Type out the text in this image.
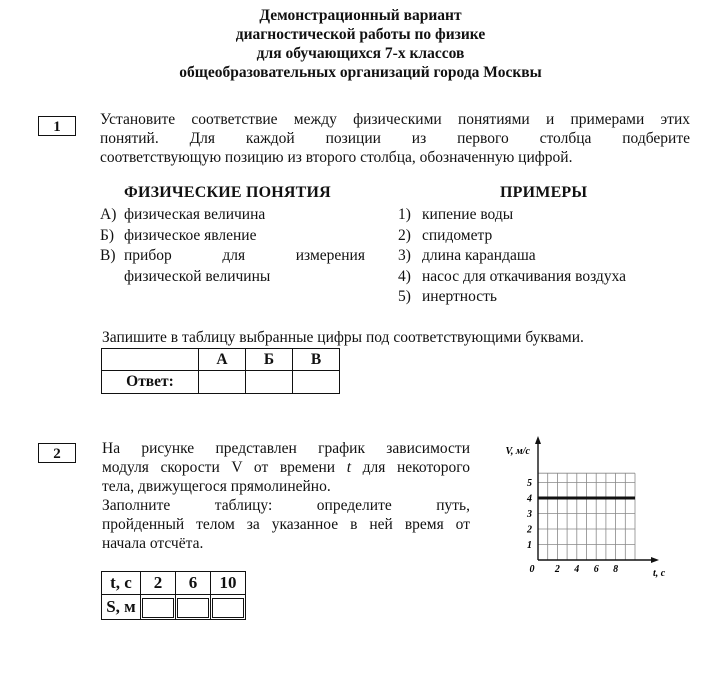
Демонстрационный вариант
диагностической работы по физике
для обучающихся 7-х классов
общеобразовательных организаций города Москвы
1	Установите соответствие между физическими понятиями и примерами этих
понятий. Для каждой позиции из первого столбца подберите
соответствующую позицию из второго столбца, обозначенную цифрой.
ФИЗИЧЕСКИЕ ПОНЯТИЯ	ПРИМЕРЫ
А) физическая величина
Б) физическое явление
В) прибор	для	измерения
физической величины
1) кипение воды
2) спидометр
3) длина карандаша
4) насос для откачивания воздуха
5) инертность
Запишите в таблицу выбранные цифры под соответствующими буквами.
	А	Б	В
Ответ:			
2	На рисунке представлен график зависимости
модуля скорости V от времени t для некоторого
тела, движущегося прямолинейно.
Заполните	таблицу:	определите	путь,
пройденный телом за указанное в ней время от
начала отсчёта.
t, с	2	6	10
S, м			
1
2
3
4
5
0 2 4 6 8	t, с
V, м/с
